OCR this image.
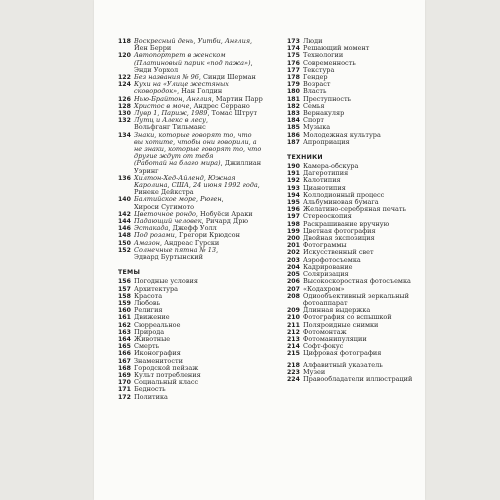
118 Воскресный день, Уитби, Англия,
Йен Берри
120 Автопортрет в женском
(Платиновый парик «под пажа»),
Энди Уорхол
122 Без названия № 96, Синди Шерман
124 Кухи на «Улице жестяных
сковородок», Нан Голдин
126 Нью-Брайтон, Англия, Мартин Парр
128 Христос в моче, Андрес Серрано
130 Лувр 1, Париж, 1989, Томас Штрут
132 Лутц и Алекс в лесу,
Вольфганг Тильманс
134 Знаки, которые говорят то, что
вы хотите, чтобы они говорили, а
не знаки, которые говорят то, что
другие ждут от тебя
(Работай на благо мира), Джиллиан Уэринг
136 Хилтон-Хед-Айленд, Южная
Каролина, США, 24 июня 1992 года,
Ринеке Дейкстра
140 Балтийское море, Рюген,
Хироси Сугимото
142 Цветочное рондо, Нобуёси Араки
144 Падающий человек, Ричард Дрю
146 Эстакада, Джефф Уолл
148 Под розами, Грегори Крюдсон
150 Амазон, Андреас Гурски
152 Солнечные пятна № 13,
Эдвард Буртынский
ТЕМЫ
156 Погодные условия
157 Архитектура
158 Красота
159 Любовь
160 Религия
161 Движение
162 Сюрреальное
163 Природа
164 Животные
165 Смерть
166 Иконография
167 Знаменитости
168 Городской пейзаж
169 Культ потребления
170 Социальный класс
171 Бедность
172 Политика
173 Люди
174 Решающий момент
175 Технологии
176 Современность
177 Текстура
178 Гендер
179 Возраст
180 Власть
181 Преступность
182 Семья
183 Вернакуляр
184 Спорт
185 Музыка
186 Молодежная культура
187 Апроприация
ТЕХНИКИ
190 Камера-обскура
191 Дагеротипия
192 Калотипия
193 Цианотипия
194 Коллодионный процесс
195 Альбуминовая бумага
196 Желатино-серебряная печать
197 Стереоскопия
198 Раскрашивание вручную
199 Цветная фотография
200 Двойная экспозиция
201 Фотограммы
202 Искусственный свет
203 Аэрофотосъемка
204 Кадрирование
205 Соляризация
206 Высокоскоростная фотосъемка
207 «Кодахром»
208 Одиообъективный зеркальный
фотоаппарат
209 Длинная выдержка
210 Фотография со вспышкой
211 Поляроидные снимки
212 Фотомонтаж
213 Фотоманипуляции
214 Софт-фокус
215 Цифровая фотография
218 Алфавитный указатель
223 Музеи
224 Правообладатели иллюстраций
